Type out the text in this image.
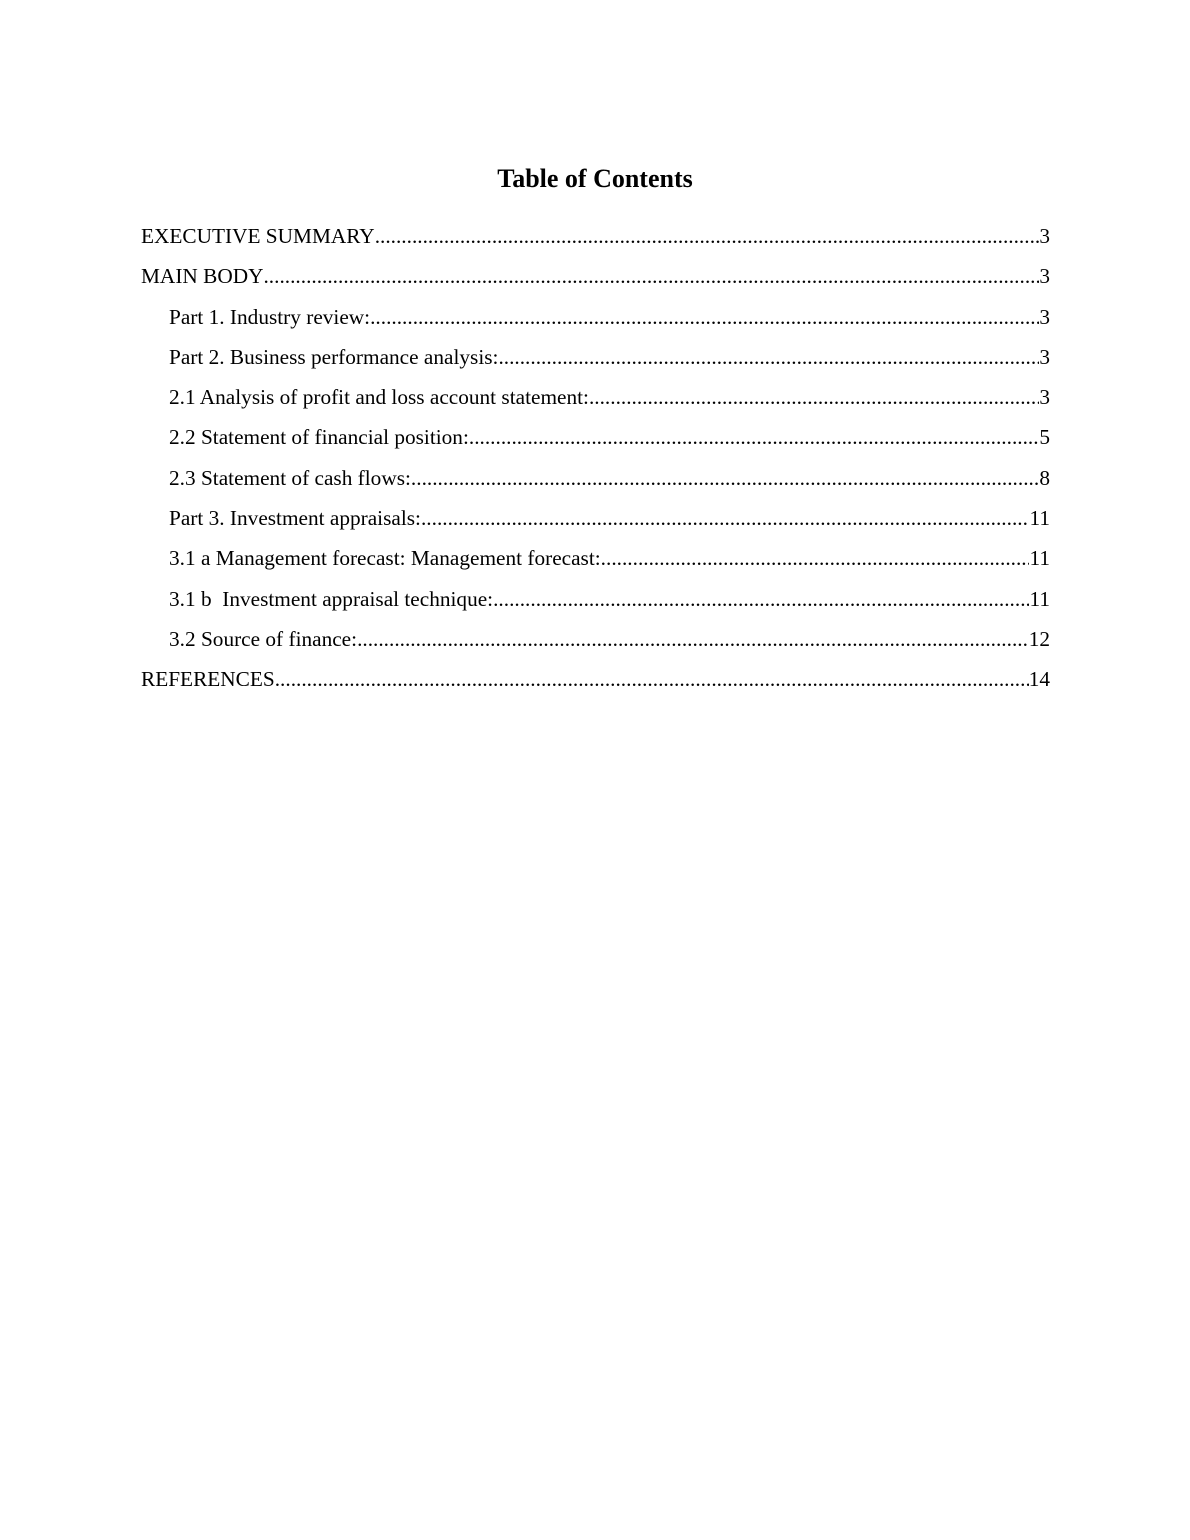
Table of Contents
EXECUTIVE SUMMARY .....	3
MAIN BODY .....	3
Part 1. Industry review: .....	3
Part 2. Business performance analysis: .....	3
2.1 Analysis of profit and loss account statement: .....	3
2.2 Statement of financial position: .....	5
2.3 Statement of cash flows: .....	8
Part 3. Investment appraisals: .....	11
3.1 a Management forecast: Management forecast: .....	11
3.1 b  Investment appraisal technique: .....	11
3.2 Source of finance: .....	12
REFERENCES .....	14
